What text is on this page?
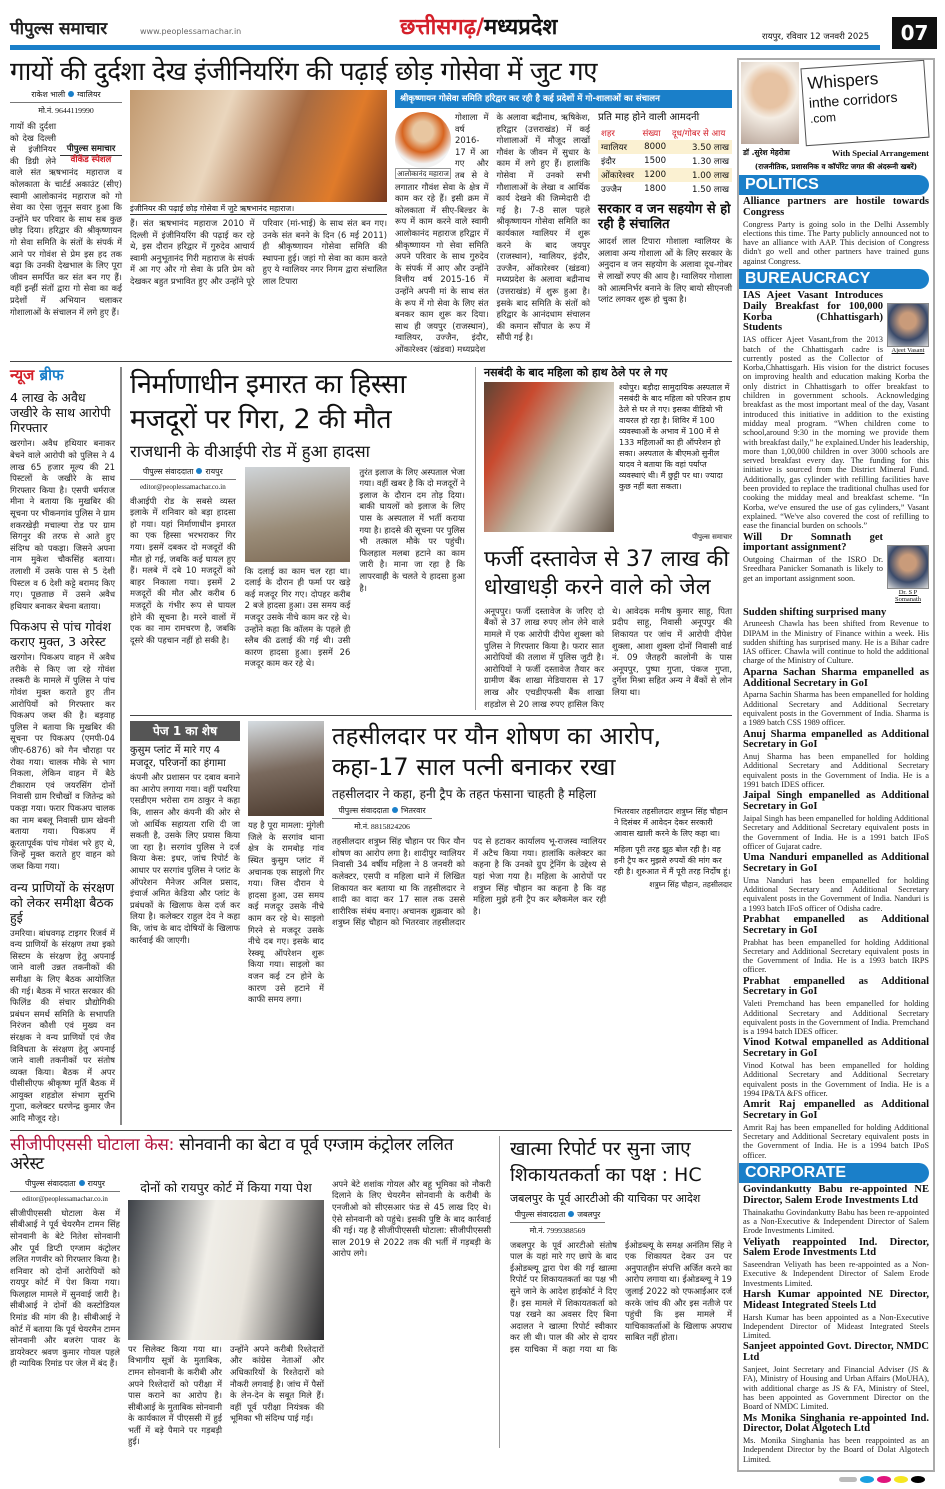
पीपुल्स समाचार	www.peoplessamachar.in	छत्तीसगढ़/मध्यप्रदेश	रायपुर, रविवार 12 जनवरी 2025	07
गायों की दुर्दशा देख इंजीनियरिंग की पढ़ाई छोड़ गोसेवा में जुट गए
राकेश भाली ग्वालियर
मो.नं. 9644119990
पीपुल्स समाचार
वीकेंड स्पेशल
गायों की दुर्दशा को देख दिल्ली से इंजीनियर की डिग्री लेने वाले संत ऋषभानंद महाराज व कोलकाता के चार्टर्ड अकाउंट (सीए) स्वामी आलोकानंद महाराज को गो सेवा का ऐसा जुनून सवार हुआ कि उन्होंने घर परिवार के साथ सब कुछ छोड़ दिया। हरिद्वार की श्रीकृष्णायन गो सेवा समिति के संतों के संपर्क में आने पर गोवंश से प्रेम इस हद तक बढ़ा कि उनकी देखभाल के लिए पूरा जीवन समर्पित कर संत बन गए हैं। वहीं इन्हीं संतों द्वारा गो सेवा का कई प्रदेशों में अभियान चलाकर गोशालाओं के संचालन में लगे हुए हैं।
इंजीनियर की पढ़ाई छोड़ गोसेवा में जुटे ऋषभानंद महाराज।
हैं। संत ऋषभानंद महाराज 2010 में दिल्ली में इंजीनियरिंग की पढ़ाई कर रहे थे, इस दौरान हरिद्वार में गुरुदेव आचार्य स्वामी अनुभूतानंद गिरी महाराज के संपर्क में आ गए और गो सेवा के प्रति प्रेम को देखकर बहुत प्रभावित हुए और उन्होंने पूरे परिवार (मां-भाई) के साथ संत बन गए। उनके संत बनने के दिन (6 मई 2011) ही श्रीकृष्णायन गोसेवा समिति की स्थापना हुई। जहां गो सेवा का काम करते हुए ये ग्वालियर नगर निगम द्वारा संचालित लाल टिपारा
श्रीकृष्णायन गोसेवा समिति हरिद्वार कर रही है कई प्रदेशों में गो-शालाओं का संचालन
आलोकानंद महाराज
गोशाला में वर्ष 2016-17 में आ गए और तब से वे लगातार गौवंश सेवा के क्षेत्र में काम कर रहे हैं। इसी क्रम में कोलकाता में सीए-बिल्डर के रूप में काम करने वाले स्वामी आलोकानंद महाराज हरिद्वार में श्रीकृष्णायन गो सेवा समिति अपने परिवार के साथ गुरुदेव के संपर्क में आए और उन्होंने वित्तीय वर्ष 2015-16 में उन्होंने अपनी मां के साथ संत के रूप में गो सेवा के लिए संत बनकर काम शुरू कर दिया। साथ ही जयपुर (राजस्थान), ग्वालियर, उज्जैन, इंदौर, ओंकारेश्वर (खंडवा) मध्यप्रदेश
के अलावा बद्रीनाथ, ऋषिकेश, हरिद्वार (उत्तराखंड) में कई गोशालाओं में मौजूद लाखों गौवंश के जीवन में सुधार के काम में लगे हुए हैं। हालांकि गोसेवा में उनको सभी गौशालाओं के लेखा व आर्थिक कार्य देखने की जिम्मेदारी दी गई है। 7-8 साल पहले श्रीकृष्णायन गोसेवा समिति का कार्यकाल ग्वालियर में शुरू करने के बाद जयपुर (राजस्थान), ग्वालियर, इंदौर, उज्जैन, ओंकारेश्वर (खंडवा) मध्यप्रदेश के अलावा बद्रीनाथ (उत्तराखंड) में शुरू हुआ है। इसके बाद समिति के संतों को हरिद्वार के आनंदधाम संचालन की कमान सौंपात के रूप में सौंपी गई है।
प्रति माह होने वाली आमदनी
शहर	संख्या	दूध/गोबर से आय
ग्वालियर	8000	3.50 लाख
इंदौर	1500	1.30 लाख
ओंकारेश्वर	1200	1.00 लाख
उज्जैन	1800	1.50 लाख
सरकार व जन सहयोग से हो रही है संचालित
आदर्श लाल टिपारा गोशाला ग्वालियर के अलावा अन्य गोशाला ओं के लिए सरकार के अनुदान व जन सहयोग के अलावा दूध-गोबर से लाखों रुपए की आय है। ग्वालियर गोशाला को आत्मनिर्भर बनाने के लिए बायो सीएनजी प्लांट लगकर शुरू हो चुका है।
न्यूज ब्रीफ
4 लाख के अवैध जखीरे के साथ आरोपी गिरफ्तार
खरगोन। अवैध हथियार बनाकर बेचने वाले आरोपी को पुलिस ने 4 लाख 65 हजार मूल्य की 21 पिस्टलों के जखीरे के साथ गिरफ्तार किया है। एसपी धर्मराज मीना ने बताया कि मुखबिर की सूचना पर भीकनगांव पुलिस ने ग्राम शकरखेड़ी मचाल्या रोड पर ग्राम सिगनुर की तरफ से आते हुए संदिग्ध को पकड़ा। जिसने अपना नाम मुकेश चौकसिंह बताया। तलाशी में उसके पास से 5 देशी पिस्टल व 6 देशी कट्टे बरामद किए गए। पूछताछ में उसने अवैध हथियार बनाकर बेचना बताया।
पिकअप से पांच गोवंश कराए मुक्त, 3 अरेस्ट
खरगोन। पिकअप वाहन में अवैध तरीके से किए जा रहे गोवंश तस्करी के मामले में पुलिस ने पांच गोवंश मुक्त कराते हुए तीन आरोपियों को गिरफ्तार कर पिकअप जब्त की है। बड़वाह पुलिस ने बताया कि मुखबिर की सूचना पर पिकअप (एमपी-04 जीए-6876) को गैन चौराहा पर रोका गया। चालक मौके से भाग निकला, लेकिन वाहन में बैठे टीकाराम एवं जयरसिंग दोनों निवासी ग्राम रिचौखों व जितेन्द्र को पकड़ा गया। फरार पिकअप चालक का नाम बबलू निवासी ग्राम खेवनी बताया गया। पिकअप में क्रूरतापूर्वक पांच गोवंश भरे हुए थे, जिन्हें मुक्त कराते हुए वाहन को जब्त किया गया।
वन्य प्राणियों के संरक्षण को लेकर समीक्षा बैठक हुई
उमरिया। बांधवगढ़ टाइगर रिजर्व में वन्य प्राणियों के संरक्षण तथा इको सिस्टम के संरक्षण हेतु अपनाई जाने वाली उन्नत तकनीकों की समीक्षा के लिए बैठक आयोजित की गई। बैठक में भारत सरकार की फिलिंड की संचार प्रौद्योगिकी प्रबंधन समर्थ समिति के सभापति निरंजन कौशी एवं मुख्य वन संरक्षक ने वन्य प्राणियों एवं जैव विविधता के संरक्षण हेतु अपनाई जाने वाली तकनीकों पर संतोष व्यक्त किया। बैठक में अपर पीसीसीएफ श्रीकृष्ण मूर्ति बैठक में आयुक्त शहडोल संभाग सुरभि गुप्ता, कलेक्टर धरणेन्द्र कुमार जैन आदि मौजूद रहे।
निर्माणाधीन इमारत का हिस्सा
मजदूरों पर गिरा, 2 की मौत
राजधानी के वीआईपी रोड में हुआ हादसा
पीपुल्स संवाददाता रायपुर
editor@peoplessamachar.co.in
वीआईपी रोड के सबसे व्यस्त इलाके में शनिवार को बड़ा हादसा हो गया। यहां निर्माणाधीन इमारत का एक हिस्सा भरभराकर गिर गया। इसमें दबकर दो मजदूरों की मौत हो गई, जबकि कई घायल हुए हैं। मलबे में दबे 10 मजदूरों को बाहर निकाला गया। इसमें 2 मजदूरों की मौत और करीब 6 मजदूरों के गंभीर रूप से घायल होने की सूचना है। मरने वालों में एक का नाम रामचरण है, जबकि दूसरे की पहचान नहीं हो सकी है।
कि दलाई का काम चल रहा था। दलाई के दौरान ही फर्मा पर खड़े कई मजदूर गिर गए। दोपहर करीब 2 बजे हादसा हुआ। उस समय कई मजदूर उसके नीचे काम कर रहे थे। उन्होंने कहा कि कॉलम के पहले ही स्लैब की ढलाई की गई थी। उसी कारण हादसा हुआ। इसमें 26 मजदूर काम कर रहे थे।
तुरंत इलाज के लिए अस्पताल भेजा गया। वहीं खबर है कि दो मजदूरों ने इलाज के दौरान दम तोड़ दिया। बाकी घायलों को इलाज के लिए पास के अस्पताल में भर्ती कराया गया है। हादसे की सूचना पर पुलिस भी तत्काल मौके पर पहुंची। फिलहाल मलबा हटाने का काम जारी है। माना जा रहा है कि लापरवाही के चलते ये हादसा हुआ है।
नसबंदी के बाद महिला को हाथ ठेले पर ले गए
श्योपुर। बड़ौदा सामुदायिक अस्पताल में नसबंदी के बाद महिला को परिजन हाथ ठेले से घर ले गए। इसका वीडियो भी वायरल हो रहा है। शिविर में 100 व्यवस्थाओं के अभाव में 100 में से 133 महिलाओं का ही ऑपरेशन हो सका। अस्पताल के बीएमओ सुनील यादव ने बताया कि वहां पर्याप्त व्यवस्थाएं थी। मैं छुट्टी पर था। ज्यादा कुछ नहीं बता सकता।
पीपुल्स समाचार
फर्जी दस्तावेज से 37 लाख की धोखाधड़ी करने वाले को जेल
अनूपपुर। फर्जी दस्तावेज के जरिए दो बैंकों से 37 लाख रुपए लोन लेने वाले मामले में एक आरोपी दीपेश शुक्ला को पुलिस ने गिरफ्तार किया है। फरार सात आरोपियों की तलाश में पुलिस जुटी है। आरोपियों ने फर्जी दस्तावेज तैयार कर ग्रामीण बैंक शाखा मेडियारास से 17 लाख और एचडीएफसी बैंक शाखा शहडोल से 20 लाख रुपए हासिल किए थे। आवेदक मनीष कुमार साहू, पिता प्रदीप साहू, निवासी अनूपपुर की शिकायत पर जांच में आरोपी दीपेश शुक्ला, आशा शुक्ला दोनों निवासी वार्ड नं. 09 जैतहरी कालोनी के पास अनूपपुर, पुष्पा गुप्ता, पंकज गुप्ता, दुर्गेश मिश्रा सहित अन्य ने बैंकों से लोन लिया था।
पेज 1 का शेष
कुसुम प्लांट में मारे गए 4 मजदूर, परिजनों का हंगामा
कंपनी और प्रशासन पर दबाव बनाने का आरोप लगाया गया। वहीं पथरिया एसडीएम भरोसा राम ठाकुर ने कहा कि, शासन और कंपनी की ओर से जो आर्थिक सहायता राशि दी जा सकती है, उसके लिए प्रयास किया जा रहा है। सरगांव पुलिस ने दर्ज किया केस: इधर, जांच रिपोर्ट के आधार पर सरगांव पुलिस ने प्लांट के ऑपरेशन मैनेजर अनिल प्रसाद, इंचार्ज अमित केडिया और प्लांट के प्रबंधकों के खिलाफ केस दर्ज कर लिया है। कलेक्टर राहुल देव ने कहा कि, जांच के बाद दोषियों के खिलाफ कार्रवाई की जाएगी।
यह है पूरा मामला: मुंगेली जिले के सरगांव थाना क्षेत्र के रामबोड़ गांव स्थित कुसुम प्लांट में अचानक एक साइलो गिर गया। जिस दौरान ये हादसा हुआ, उस समय कई मजदूर उसके नीचे काम कर रहे थे। साइलो गिरने से मजदूर उसके नीचे दब गए। इसके बाद रेस्क्यू ऑपरेशन शुरू किया गया। साइलो का वजन कई टन होने के कारण उसे हटाने में काफी समय लगा।
तहसीलदार पर यौन शोषण का आरोप,
कहा-17 साल पत्नी बनाकर रखा
तहसीलदार ने कहा, हनी ट्रैप के तहत फंसाना चाहती है महिला
पीपुल्स संवाददाता भितरवार
मो.नं. 8815824206
तहसीलदार शत्रुघ्न सिंह चौहान पर फिर यौन शोषण का आरोप लगा है। शादीपुर ग्वालियर निवासी 34 वर्षीय महिला ने 8 जनवरी को कलेक्टर, एसपी व महिला थाने में लिखित शिकायत कर बताया था कि तहसीलदार ने शादी का वादा कर 17 साल तक उससे शारीरिक संबंध बनाए। अचानक शुक्रवार को शत्रुघ्न सिंह चौहान को भितरवार तहसीलदार पद से हटाकर कार्यालय भू-राजस्व ग्वालियर में अटैच किया गया। हालांकि कलेक्टर का कहना है कि उनको ग्रुप ट्रेनिंग के उद्देश्य से यहां भेजा गया है। महिला के आरोपों पर शत्रुघ्न सिंह चौहान का कहना है कि वह महिला मुझे हनी ट्रैप कर ब्लैकमेल कर रही है।
भितरवार तहसीलदार शत्रुघ्न सिंह चौहान ने दिसंबर में आवेदन देकर सरकारी आवास खाली करने के लिए कहा था।
महिला पूरी तरह झूठ बोल रही है। वह हनी ट्रैप कर मुझसे रुपयों की मांग कर रही है। शुरुआत में मैं पूरी तरह निर्दोष हूं।
शत्रुघ्न सिंह चौहान, तहसीलदार
सीजीपीएससी घोटाला केस: सोनवानी का बेटा व पूर्व एग्जाम कंट्रोलर ललित अरेस्ट
पीपुल्स संवाददाता रायपुर
editor@peoplessamachar.co.in
सीजीपीएससी घोटाला केस में सीबीआई ने पूर्व चेयरमैन टामन सिंह सोनवानी के बेटे नितेश सोनवानी और पूर्व डिप्टी एग्जाम कंट्रोलर ललित गणवीर को गिरफ्तार किया है। शनिवार को दोनों आरोपियों को रायपुर कोर्ट में पेश किया गया। फिलहाल मामले में सुनवाई जारी है। सीबीआई ने दोनों की कस्टोडियल रिमांड की मांग की है। सीबीआई ने कोर्ट में बताया कि पूर्व चेयरमैन टामन सोनवानी और बजरंग पावर के डायरेक्टर श्रवण कुमार गोयल पहले ही न्यायिक रिमांड पर जेल में बंद हैं।
दोनों को रायपुर कोर्ट में किया गया पेश
पर सिलेक्ट किया गया था। विभागीय सूत्रों के मुताबिक, टामन सोनवानी के करीबी और अपने रिश्तेदारों को परीक्षा में पास कराने का आरोप है। सीबीआई के मुताबिक सोनवानी के कार्यकाल में पीएससी में हुई भर्ती में बड़े पैमाने पर गड़बड़ी हुई।
उन्होंने अपने करीबी रिश्तेदारों और कांग्रेस नेताओं और अधिकारियों के रिश्तेदारों को नौकरी लगवाई है। जांच में पैसों के लेन-देन के सबूत मिले हैं। वहीं पूर्व परीक्षा नियंत्रक की भूमिका भी संदिग्ध पाई गई।
अपने बेटे शशांक गोयल और बहू भूमिका को नौकरी दिलाने के लिए चेयरमैन सोनवानी के करीबी के एनजीओ को सीएसआर फंड से 45 लाख दिए थे। ऐसे सोनवानी को पहुंचे। इसकी पुष्टि के बाद कार्रवाई की गई। यह है सीजीपीएससी घोटाला: सीजीपीएससी साल 2019 से 2022 तक की भर्ती में गड़बड़ी के आरोप लगे।
खात्मा रिपोर्ट पर सुना जाए
शिकायतकर्ता का पक्ष : HC
जबलपुर के पूर्व आरटीओ की याचिका पर आदेश
पीपुल्स संवाददाता जबलपुर
मो.नं. 7999388569
जबलपुर के पूर्व आरटीओ संतोष पाल के यहां मारे गए छापे के बाद ईओडब्ल्यू द्वारा पेश की गई खात्मा रिपोर्ट पर शिकायतकर्ता का पक्ष भी सुने जाने के आदेश हाईकोर्ट ने दिए हैं। इस मामले में शिकायतकर्ता को पक्ष रखने का अवसर दिए बिना अदालत ने खात्मा रिपोर्ट स्वीकार कर ली थी। पाल की ओर से दायर इस याचिका में कहा गया था कि ईओडब्ल्यू के समक्ष अनंतिम सिंह ने एक शिकायत देकर उन पर अनुपातहीन संपत्ति अर्जित करने का आरोप लगाया था। ईओडब्ल्यू ने 19 जुलाई 2022 को एफआईआर दर्ज करके जांच की और इस नतीजे पर पहुंची कि इस मामले में याचिकाकर्ताओं के खिलाफ अपराध साबित नहीं होता।
Whispers
inthe corridors
.com
डॉ .सुरेश मेहरोत्रा	With Special Arrangement
(राजनीतिक, प्रशासनिक व कॉर्पोरेट जगत की अंदरूनी खबरें)
POLITICS
Alliance partners are hostile towards Congress
Congress Party is going solo in the Delhi Assembly elections this time. The Party publicly announced not to have an alliance with AAP. This decision of Congress didn't go well and other partners have trained guns against Congress.
BUREAUCRACY
Ajeet Vasant
IAS Ajeet Vasant Introduces Daily Breakfast for 100,000 Korba (Chhattisgarh) Students
IAS officer Ajeet Vasant,from the 2013 batch of the Chhattisgarh cadre is currently posted as the Collector of Korba,Chhattisgarh. His vision for the district focuses on improving health and education making Korba the only district in Chhattisgarh to offer breakfast to children in government schools. Acknowledging breakfast as the most important meal of the day, Vasant introduced this initiative in addition to the existing midday meal program. “When children come to school,around 9:30 in the morning we provide them with breakfast daily,” he explained.Under his leadership, more than 1,00,000 children in over 3000 schools are served breakfast every day. The funding for this initiative is sourced from the District Mineral Fund. Additionally, gas cylinder with refilling facilities have been provided to replace the traditional chulhas used for cooking the midday meal and breakfast scheme. “In Korba, we've ensured the use of gas cylinders,” Vasant explained. “We've also covered the cost of refilling to ease the financial burden on schools.”
Dr. S P Somanath
Will Dr Somnath get important assignment?
Outgoing Chairman of the ISRO Dr. Sreedhara Panicker Somanath is likely to get an important assignment soon.
Sudden shifting surprised many
Aruneesh Chawla has been shifted from Revenue to DIPAM in the Ministry of Finance within a week. His sudden shifting has surprised many. He is a Bihar cadre IAS officer. Chawla will continue to hold the additional charge of the Ministry of Culture.
Aparna Sachan Sharma empanelled as Additional Secretary in GoI
Aparna Sachin Sharma has been empanelled for holding Additional Secretary and Additional Secretary equivalent posts in the Government of India. Sharma is a 1989 batch CSS 1989 officer.
Anuj Sharma empanelled as Additional Secretary in GoI
Anuj Sharma has been empanelled for holding Additional Secretary and Additional Secretary equivalent posts in the Government of India. He is a 1991 batch IDES officer.
Jaipal Singh empanelled as Additional Secretary in GoI
Jaipal Singh has been empanelled for holding Additional Secretary and Additional Secretary equivalent posts in the Government of India. He is a 1991 batch IFoS officer of Gujarat cadre.
Uma Nanduri empanelled as Additional Secretary in GoI
Uma Nanduri has been empanelled for holding Additional Secretary and Additional Secretary equivalent posts in the Government of India. Nanduri is a 1993 batch IFoS officer of Odisha cadre.
Prabhat empanelled as Additional Secretary in GoI
Prabhat has been empanelled for holding Additional Secretary and Additional Secretary equivalent posts in the Government of India. He is a 1993 batch IRPS officer.
Prabhat empanelled as Additional Secretary in GoI
Valeti Premchand has been empanelled for holding Additional Secretary and Additional Secretary equivalent posts in the Government of India. Premchand is a 1994 batch IDES officer.
Vinod Kotwal empanelled as Additional Secretary in GoI
Vinod Kotwal has been empanelled for holding Additional Secretary and Additional Secretary equivalent posts in the Government of India. He is a 1994 IP&TA &FS officer.
Amrit Raj empanelled as Additional Secretary in GoI
Amrit Raj has been empanelled for holding Additional Secretary and Additional Secretary equivalent posts in the Government of India. He is a 1994 batch IPoS officer.
CORPORATE
Govindankutty Babu re-appointed NE Director, Salem Erode Investments Ltd
Thainakathu Govindankutty Babu has been re-appointed as a Non-Executive & Independent Director of Salem Erode Investments Limited.
Veliyath reappointed Ind. Director, Salem Erode Investments Ltd
Saseendran Veliyath has been re-appointed as a Non-Executive & Independent Director of Salem Erode Investments Limited.
Harsh Kumar appointed NE Director, Mideast Integrated Steels Ltd
Harsh Kumar has been appointed as a Non-Executive Independent Director of Mideast Integrated Steels Limited.
Sanjeet appointed Govt. Director, NMDC Ltd
Sanjeet, Joint Secretary and Financial Adviser (JS & FA), Ministry of Housing and Urban Affairs (MoUHA), with additional charge as JS & FA, Ministry of Steel, has been appointed as Government Director on the Board of NMDC Limited.
Ms Monika Singhania re-appointed Ind. Director, Dolat Algotech Ltd
Ms. Monika Singhania has been reappointed as an Independent Director by the Board of Dolat Algotech Limited.
